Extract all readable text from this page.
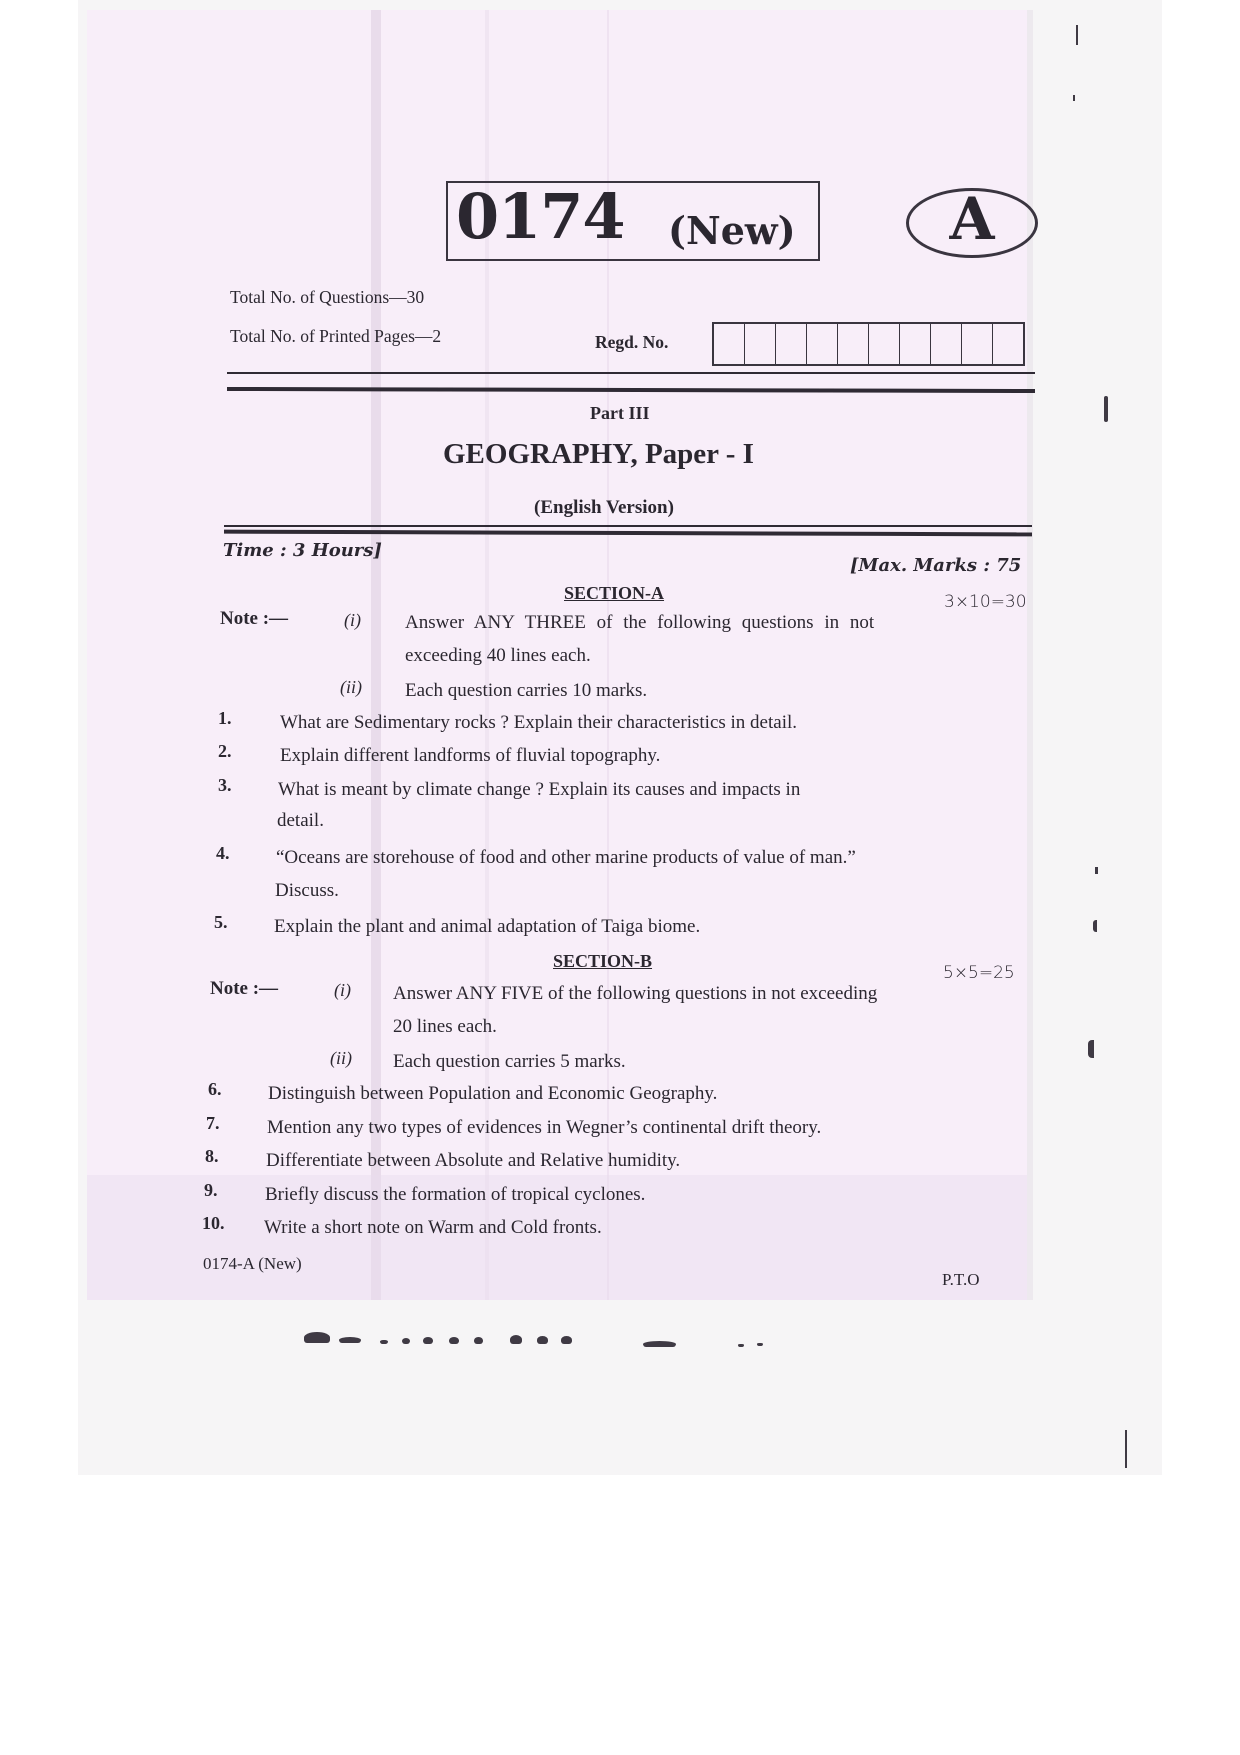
0174 (New)	A
Total No. of Questions—30
Total No. of Printed Pages—2	Regd. No.
Part III
GEOGRAPHY, Paper - I
(English Version)
Time : 3 Hours]
[Max. Marks : 75
SECTION-A	3×10=30
Note :—	(i) Answer ANY THREE of the following questions in not
exceeding 40 lines each.
(ii) Each question carries 10 marks.
1.	What are Sedimentary rocks ? Explain their characteristics in detail.
2.	Explain different landforms of fluvial topography.
3. What is meant by climate change ? Explain its causes and impacts in
detail.
4. “Oceans are storehouse of food and other marine products of value of man.”
Discuss.
5. Explain the plant and animal adaptation of Taiga biome.
SECTION-B
5×5=25
Note :—	(i) Answer ANY FIVE of the following questions in not exceeding
20 lines each.
(ii) Each question carries 5 marks.
6. Distinguish between Population and Economic Geography.
7.	Mention any two types of evidences in Wegner’s continental drift theory.
8.	Differentiate between Absolute and Relative humidity.
9.	Briefly discuss the formation of tropical cyclones.
10. Write a short note on Warm and Cold fronts.
0174-A (New)
P.T.O
